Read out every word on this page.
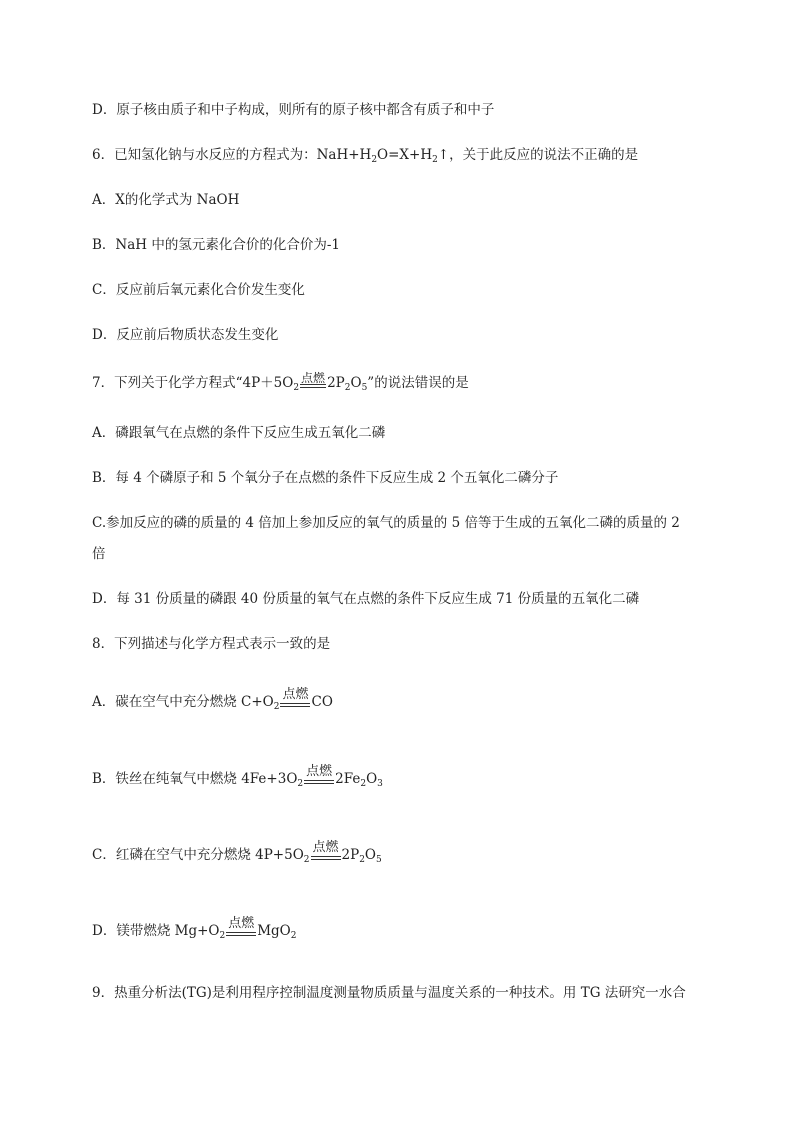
D．原子核由质子和中子构成，则所有的原子核中都含有质子和中子
6．已知氢化钠与水反应的方程式为：$NaH+H_2O=X+H_2↑$，关于此反应的说法不正确的是
A．X的化学式为 NaOH
B．NaH 中的氢元素化合价的化合价为-1
C．反应前后氧元素化合价发生变化
D．反应前后物质状态发生变化
7．下列关于化学方程式“$4P+5O_2$
点燃 $2P_2O_5$”的说法错误的是
A．磷跟氧气在点燃的条件下反应生成五氧化二磷
B．每 4 个磷原子和 5 个氧分子在点燃的条件下反应生成 2 个五氧化二磷分子
C.参加反应的磷的质量的 4 倍加上参加反应的氧气的质量的 5 倍等于生成的五氧化二磷的质量的 2
倍
D．每 31 份质量的磷跟 40 份质量的氧气在点燃的条件下反应生成 71 份质量的五氧化二磷
8．下列描述与化学方程式表示一致的是
A．碳在空气中充分燃烧 $C+O_2$
点燃 CO
B．铁丝在纯氧气中燃烧 $4Fe+3O_2$
点燃 $2Fe_2O_3$
C．红磷在空气中充分燃烧 $4P+5O_2$
点燃 $2P_2O_5$
D．镁带燃烧 $Mg+O_2$
点燃 MgO$_2$
9．热重分析法(TG)是利用程序控制温度测量物质质量与温度关系的一种技术。用 TG 法研究一水合
